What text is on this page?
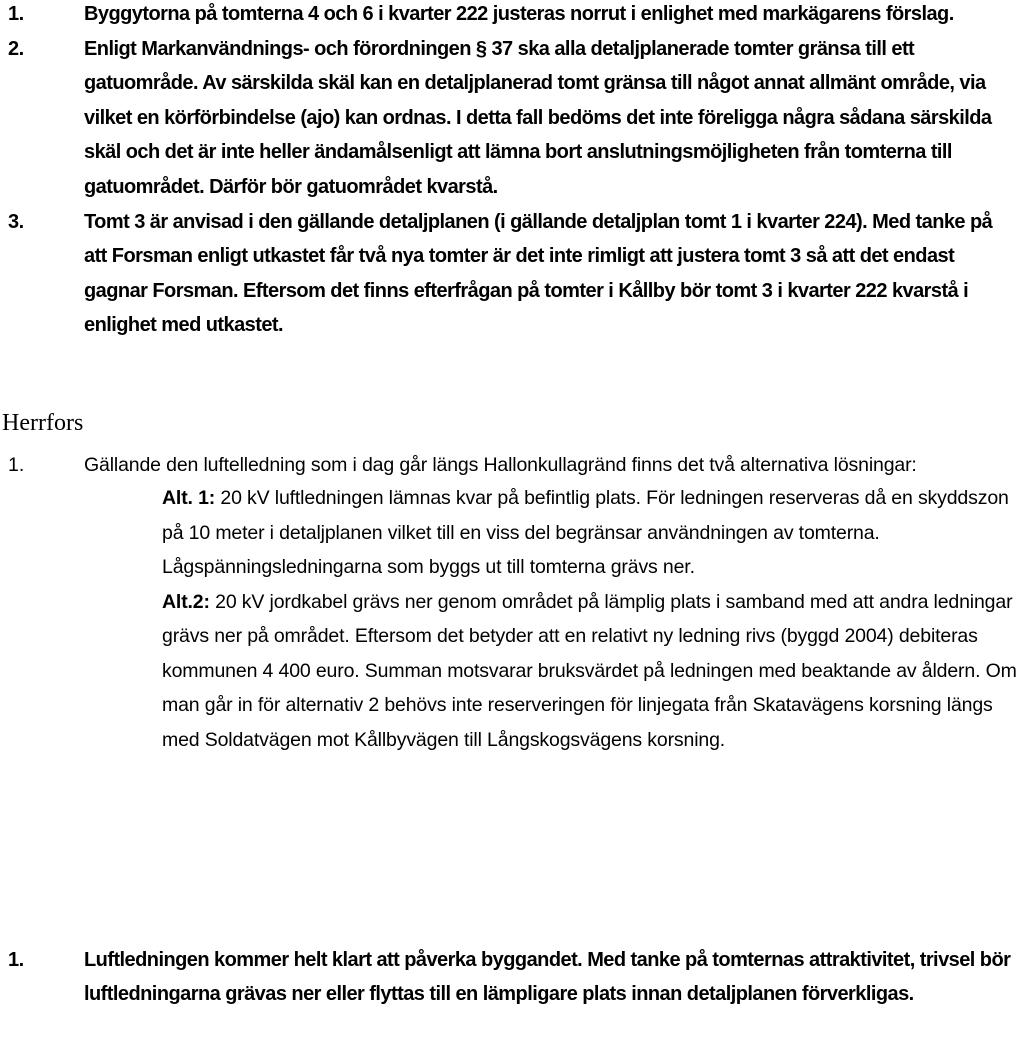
1.	Byggytorna på tomterna 4 och 6 i kvarter 222 justeras norrut i enlighet med markägarens förslag.
2.	Enligt Markanvändnings- och förordningen § 37 ska alla detaljplanerade tomter gränsa till ett gatuområde. Av särskilda skäl kan en detaljplanerad tomt gränsa till något annat allmänt område, via vilket en körförbindelse (ajo) kan ordnas. I detta fall bedöms det inte föreligga några sådana särskilda skäl och det är inte heller ändamålsenligt att lämna bort anslutningsmöjligheten från tomterna till gatuområdet. Därför bör gatuområdet kvarstå.
3.	Tomt 3 är anvisad i den gällande detaljplanen (i gällande detaljplan tomt 1 i kvarter 224). Med tanke på att Forsman enligt utkastet får två nya tomter är det inte rimligt att justera tomt 3 så att det endast gagnar Forsman. Eftersom det finns efterfrågan på tomter i Kållby bör tomt 3 i kvarter 222 kvarstå i enlighet med utkastet.
Herrfors
1.	Gällande den luftelledning som i dag går längs Hallonkullagränd finns det två alternativa lösningar:
Alt. 1: 20 kV luftledningen lämnas kvar på befintlig plats. För ledningen reserveras då en skyddszon på 10 meter i detaljplanen vilket till en viss del begränsar användningen av tomterna. Lågspänningsledningarna som byggs ut till tomterna grävs ner.
Alt.2: 20 kV jordkabel grävs ner genom området på lämplig plats i samband med att andra ledningar grävs ner på området. Eftersom det betyder att en relativt ny ledning rivs (byggd 2004) debiteras kommunen 4 400 euro. Summan motsvarar bruksvärdet på ledningen med beaktande av åldern. Om man går in för alternativ 2 behövs inte reserveringen för linjegata från Skatavägens korsning längs med Soldatvägen mot Kållbyvägen till Långskogsvägens korsning.
1.	Luftledningen kommer helt klart att påverka byggandet. Med tanke på tomternas attraktivitet, trivsel bör luftledningarna grävas ner eller flyttas till en lämpligare plats innan detaljplanen förverkligas.
